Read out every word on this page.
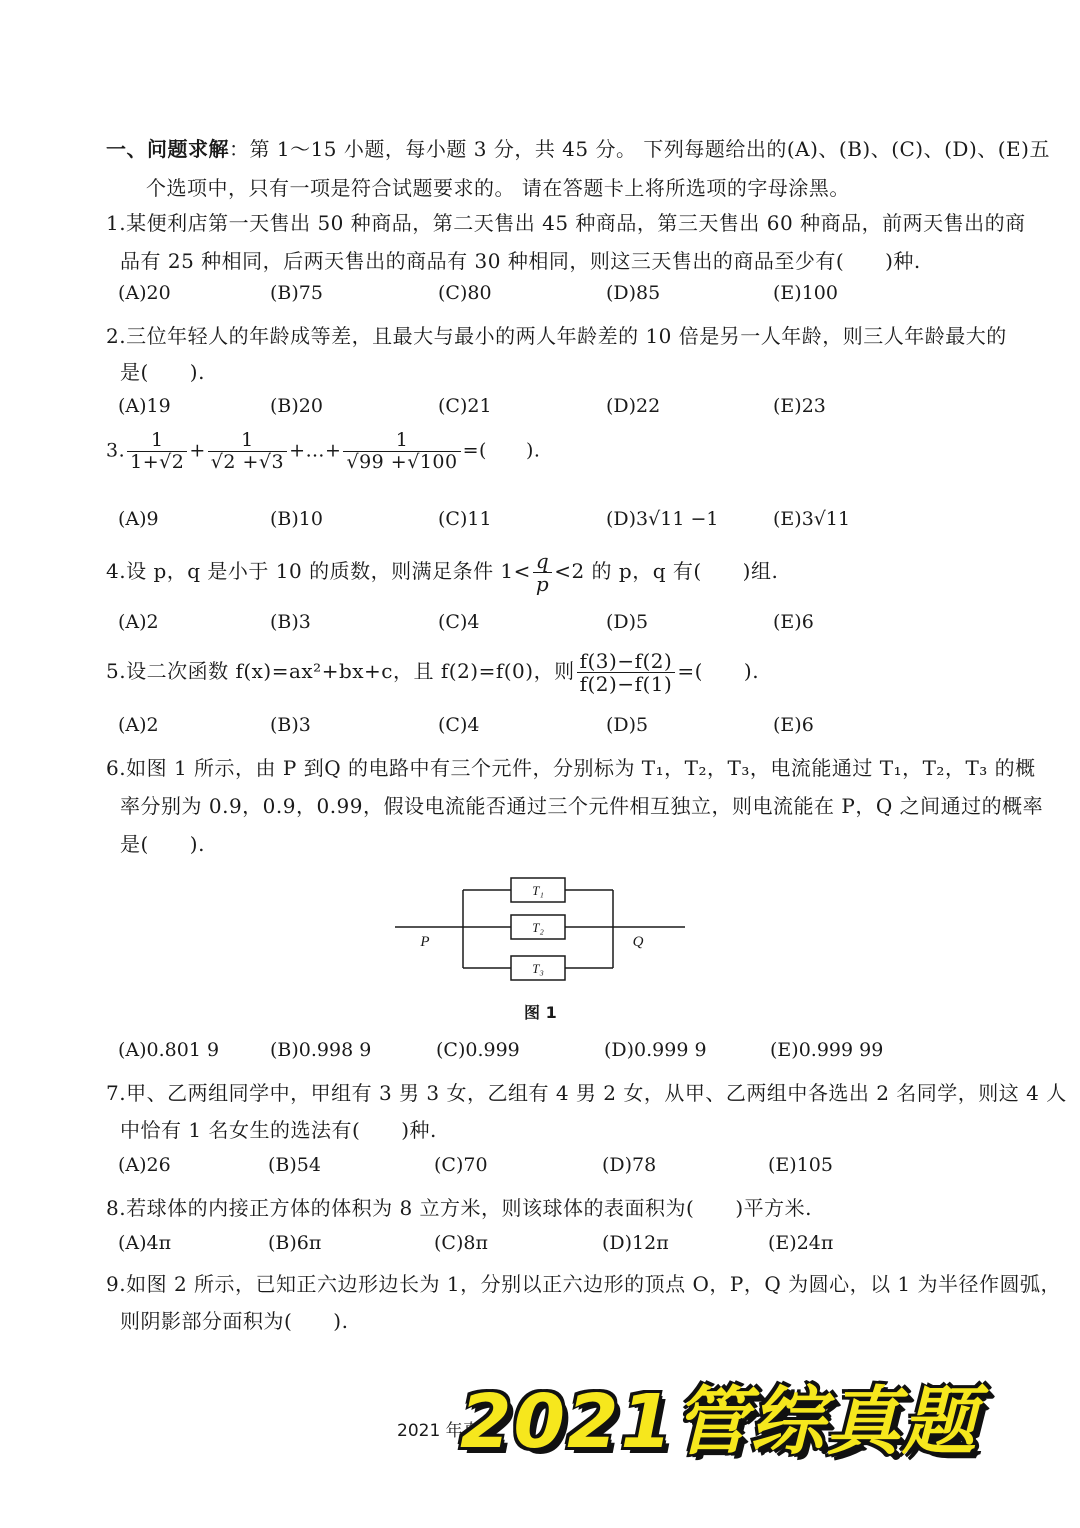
一、问题求解：第 1～15 小题，每小题 3 分，共 45 分。 下列每题给出的(A)、(B)、(C)、(D)、(E)五
个选项中，只有一项是符合试题要求的。 请在答题卡上将所选项的字母涂黑。
1.某便利店第一天售出 50 种商品，第二天售出 45 种商品，第三天售出 60 种商品，前两天售出的商
品有 25 种相同，后两天售出的商品有 30 种相同，则这三天售出的商品至少有(　　)种.
(A)20	(B)75	(C)80	(D)85	(E)100
2.三位年轻人的年龄成等差，且最大与最小的两人年龄差的 10 倍是另一人年龄，则三人年龄最大的
是(　　).
(A)19	(B)20	(C)21	(D)22	(E)23
3. $\frac{1}{1+√2} + \frac{1}{√2 +√3}$ +…+ $\frac{1}{√99 +√100}$ =(　　).
(A)9	(B)10	(C)11	(D)3√11 −1	(E)3√11
4.设 p，q 是小于 10 的质数，则满足条件 $1< \frac{q}{p} <2$ 的 p，q 有(　　)组.
(A)2	(B)3	(C)4	(D)5	(E)6
5.设二次函数 f(x)=ax²+bx+c，且 f(2)=f(0)，则 $\frac{f(3)-f(2)}{f(2)-f(1)}$ =(　　).
(A)2	(B)3	(C)4	(D)5	(E)6
6.如图 1 所示，由 P 到Q 的电路中有三个元件，分别标为 T₁，T₂，T₃，电流能通过 T₁，T₂，T₃ 的概
率分别为 0.9，0.9，0.99，假设电流能否通过三个元件相互独立，则电流能在 P，Q 之间通过的概率
是(　　).
T₁
T₂
T₃
P	Q
图 1
(A)0.801 9	(B)0.998 9	(C)0.999	(D)0.999 9	(E)0.999 99
7.甲、乙两组同学中，甲组有 3 男 3 女，乙组有 4 男 2 女，从甲、乙两组中各选出 2 名同学，则这 4 人
中恰有 1 名女生的选法有(　　)种.
(A)26	(B)54	(C)70	(D)78	(E)105
8.若球体的内接正方体的体积为 8 立方米，则该球体的表面积为(　　)平方米.
(A)4π	(B)6π	(C)8π	(D)12π	(E)24π
9.如图 2 所示，已知正六边形边长为 1，分别以正六边形的顶点 O，P，Q 为圆心，以 1 为半径作圆弧，
则阴影部分面积为(　　).
2021 年真
2021管综真题
